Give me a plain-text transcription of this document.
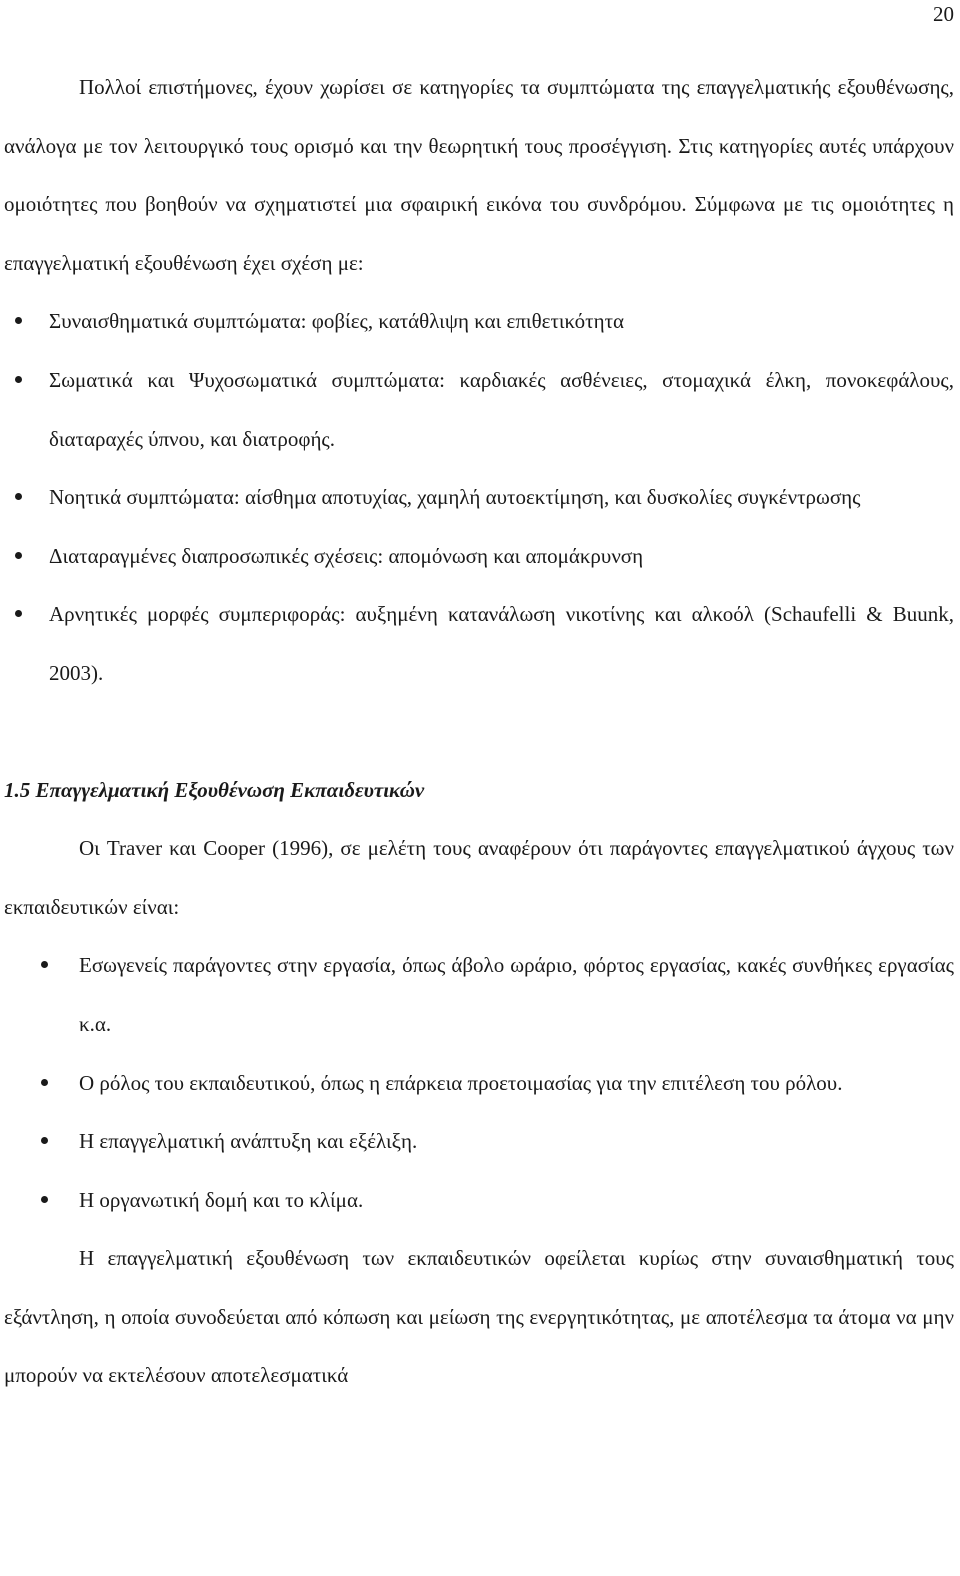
20

Πολλοί επιστήμονες, έχουν χωρίσει σε κατηγορίες τα συμπτώματα της επαγγελματικής εξουθένωσης, ανάλογα με τον λειτουργικό τους ορισμό και την θεωρητική τους προσέγγιση. Στις κατηγορίες αυτές υπάρχουν ομοιότητες που βοηθούν να σχηματιστεί μια σφαιρική εικόνα του συνδρόμου. Σύμφωνα με τις ομοιότητες η επαγγελματική εξουθένωση έχει σχέση με:

Συναισθηματικά συμπτώματα: φοβίες, κατάθλιψη και επιθετικότητα
Σωματικά και Ψυχοσωματικά συμπτώματα: καρδιακές ασθένειες, στομαχικά έλκη, πονοκεφάλους, διαταραχές ύπνου, και διατροφής.
Νοητικά συμπτώματα: αίσθημα αποτυχίας, χαμηλή αυτοεκτίμηση, και δυσκολίες συγκέντρωσης
Διαταραγμένες διαπροσωπικές σχέσεις: απομόνωση και απομάκρυνση
Αρνητικές μορφές συμπεριφοράς: αυξημένη κατανάλωση νικοτίνης και αλκοόλ (Schaufelli & Buunk, 2003).
1.5 Επαγγελματική Εξουθένωση Εκπαιδευτικών

Οι Traver και Cooper (1996), σε μελέτη τους αναφέρουν ότι παράγοντες επαγγελματικού άγχους των εκπαιδευτικών είναι:

Εσωγενείς παράγοντες στην εργασία, όπως άβολο ωράριο, φόρτος εργασίας, κακές συνθήκες εργασίας κ.α.
Ο ρόλος του εκπαιδευτικού, όπως η επάρκεια προετοιμασίας για την επιτέλεση του ρόλου.
Η επαγγελματική ανάπτυξη και εξέλιξη.
Η οργανωτική δομή και το κλίμα.

Η επαγγελματική εξουθένωση των εκπαιδευτικών οφείλεται κυρίως στην συναισθηματική τους εξάντληση, η οποία συνοδεύεται από κόπωση και μείωση της ενεργητικότητας, με αποτέλεσμα τα άτομα να μην μπορούν να εκτελέσουν αποτελεσματικά
